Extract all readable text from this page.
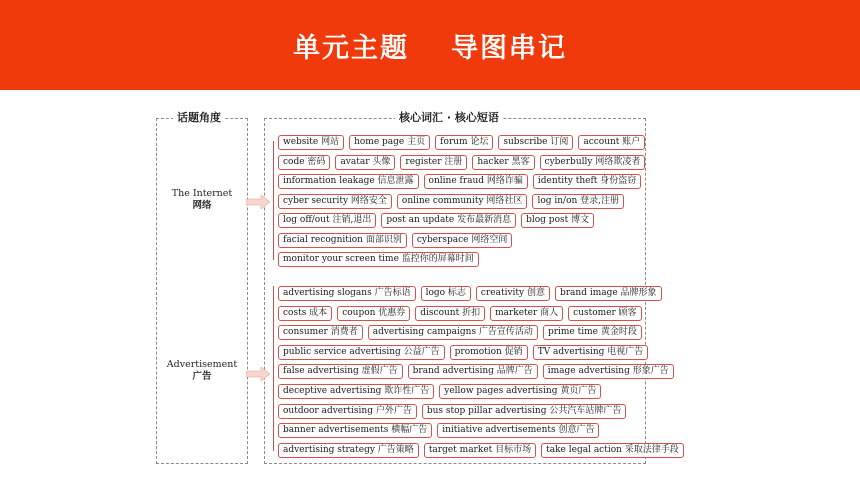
单元主题 导图串记
话题角度	核心词汇 · 核心短语
The Internet
网络
website 网站 home page 主页 forum 论坛 subscribe 订阅 account 账户
code 密码 avatar 头像 register 注册 hacker 黑客 cyberbully 网络欺凌者
information leakage 信息泄露 online fraud 网络诈骗 identity theft 身份盗窃
cyber security 网络安全 online community 网络社区 log in/on 登录,注册
log off/out 注销,退出 post an update 发布最新消息 blog post 博文
facial recognition 面部识别 cyberspace 网络空间
monitor your screen time 监控你的屏幕时间
Advertisement
广告
advertising slogans 广告标语 logo 标志 creativity 创意 brand image 品牌形象
costs 成本 coupon 优惠券 discount 折扣 marketer 商人 customer 顾客
consumer 消费者 advertising campaigns 广告宣传活动 prime time 黄金时段
public service advertising 公益广告 promotion 促销 TV advertising 电视广告
false advertising 虚假广告 brand advertising 品牌广告 image advertising 形象广告
deceptive advertising 欺诈性广告 yellow pages advertising 黄页广告
outdoor advertising 户外广告 bus stop pillar advertising 公共汽车站牌广告
banner advertisements 横幅广告 initiative advertisements 创意广告
advertising strategy 广告策略 target market 目标市场 take legal action 采取法律手段
